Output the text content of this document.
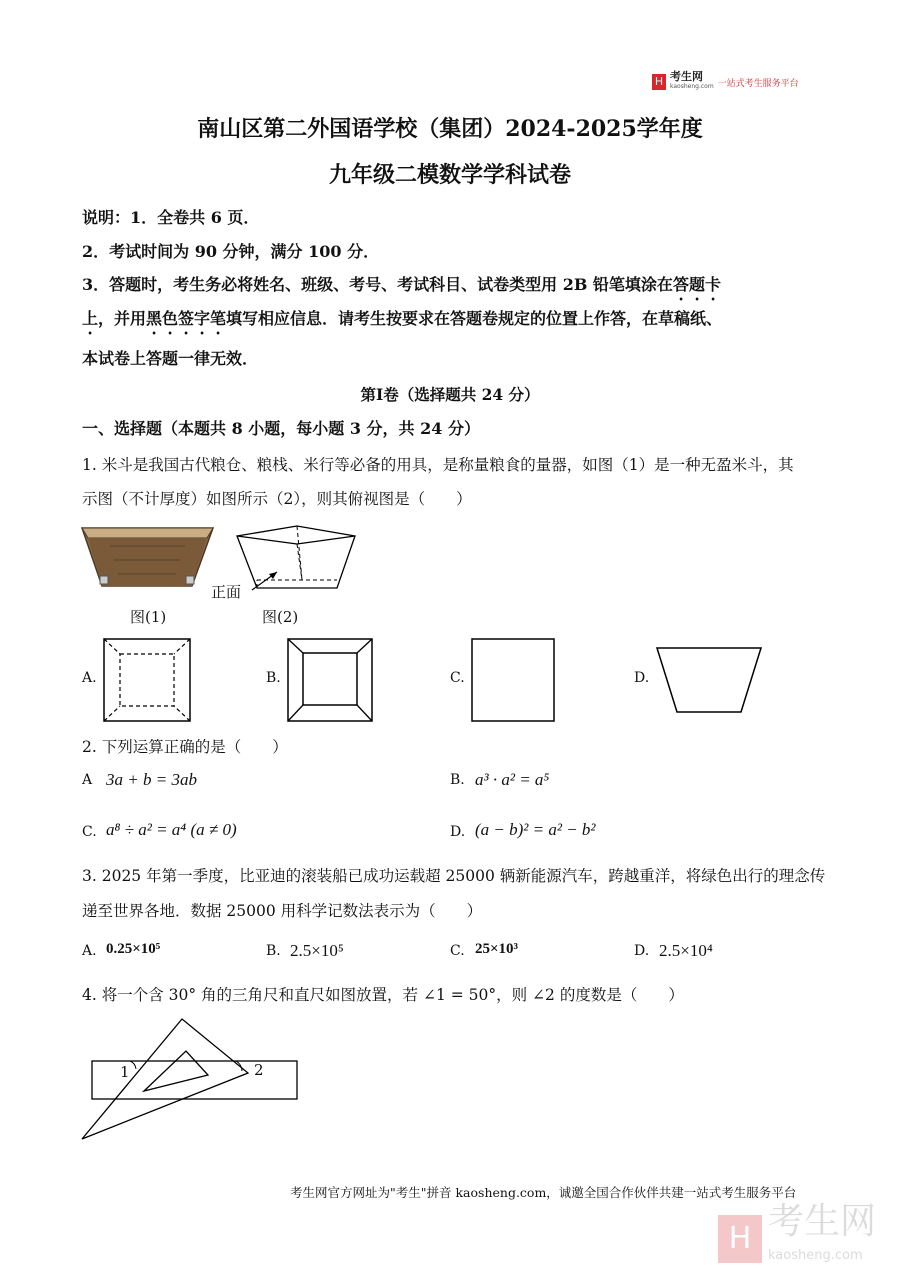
H 考生网
kaosheng.com 一站式考生服务平台
南山区第二外国语学校（集团）2024-2025学年度
九年级二模数学学科试卷
说明：1．全卷共 6 页．
2．考试时间为 90 分钟，满分 100 分．
3．答题时，考生务必将姓名、班级、考号、考试科目、试卷类型用 2B 铅笔填涂在答题卡
上，并用黑色签字笔填写相应信息．请考生按要求在答题卷规定的位置上作答，在草稿纸、
本试卷上答题一律无效．
第Ⅰ卷（选择题共 24 分）
一、选择题（本题共 8 小题，每小题 3 分，共 24 分）
1. 米斗是我国古代粮仓、粮栈、米行等必备的用具，是称量粮食的量器，如图（1）是一种无盈米斗，其
示图（不计厚度）如图所示（2），则其俯视图是（　　）
图(1)
正面
图(2)
A.	B.	C.	D.
2. 下列运算正确的是（　　）
A 3a + b = 3ab	B. a³ · a² = a⁵
C. a⁸ ÷ a² = a⁴ (a ≠ 0)	D. (a − b)² = a² − b²
3. 2025 年第一季度，比亚迪的滚装船已成功运载超 25000 辆新能源汽车，跨越重洋，将绿色出行的理念传
递至世界各地．数据 25000 用科学记数法表示为（　　）
A. 0.25×10⁵	B. 2.5×10⁵	C. 25×10³	D. 2.5×10⁴
4. 将一个含 30° 角的三角尺和直尺如图放置，若 ∠1 = 50°，则 ∠2 的度数是（　　）
1	2
考生网官方网址为"考生"拼音 kaosheng.com，诚邀全国合作伙伴共建一站式考生服务平台
H 考生网
kaosheng.com
